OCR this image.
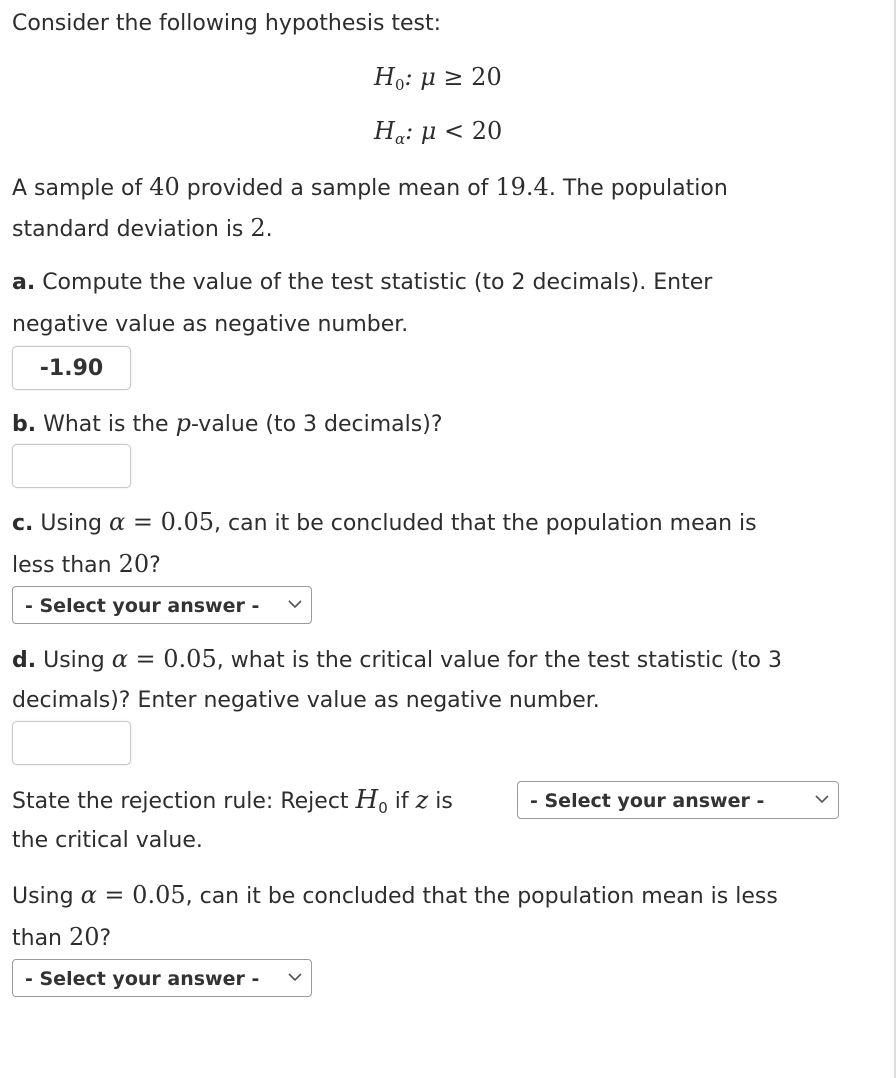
Consider the following hypothesis test:
$H_0$: μ ≥ 20
$H_\alpha$: μ < 20
A sample of 40 provided a sample mean of 19.4. The population
standard deviation is 2.
a. Compute the value of the test statistic (to 2 decimals). Enter
negative value as negative number.
-1.90
b. What is the p-value (to 3 decimals)?
c. Using α = 0.05, can it be concluded that the population mean is
less than 20?
- Select your answer -
d. Using α = 0.05, what is the critical value for the test statistic (to 3
decimals)? Enter negative value as negative number.
State the rejection rule: Reject $H_0$ if z is	- Select your answer -
the critical value.
Using α = 0.05, can it be concluded that the population mean is less
than 20?
- Select your answer -
